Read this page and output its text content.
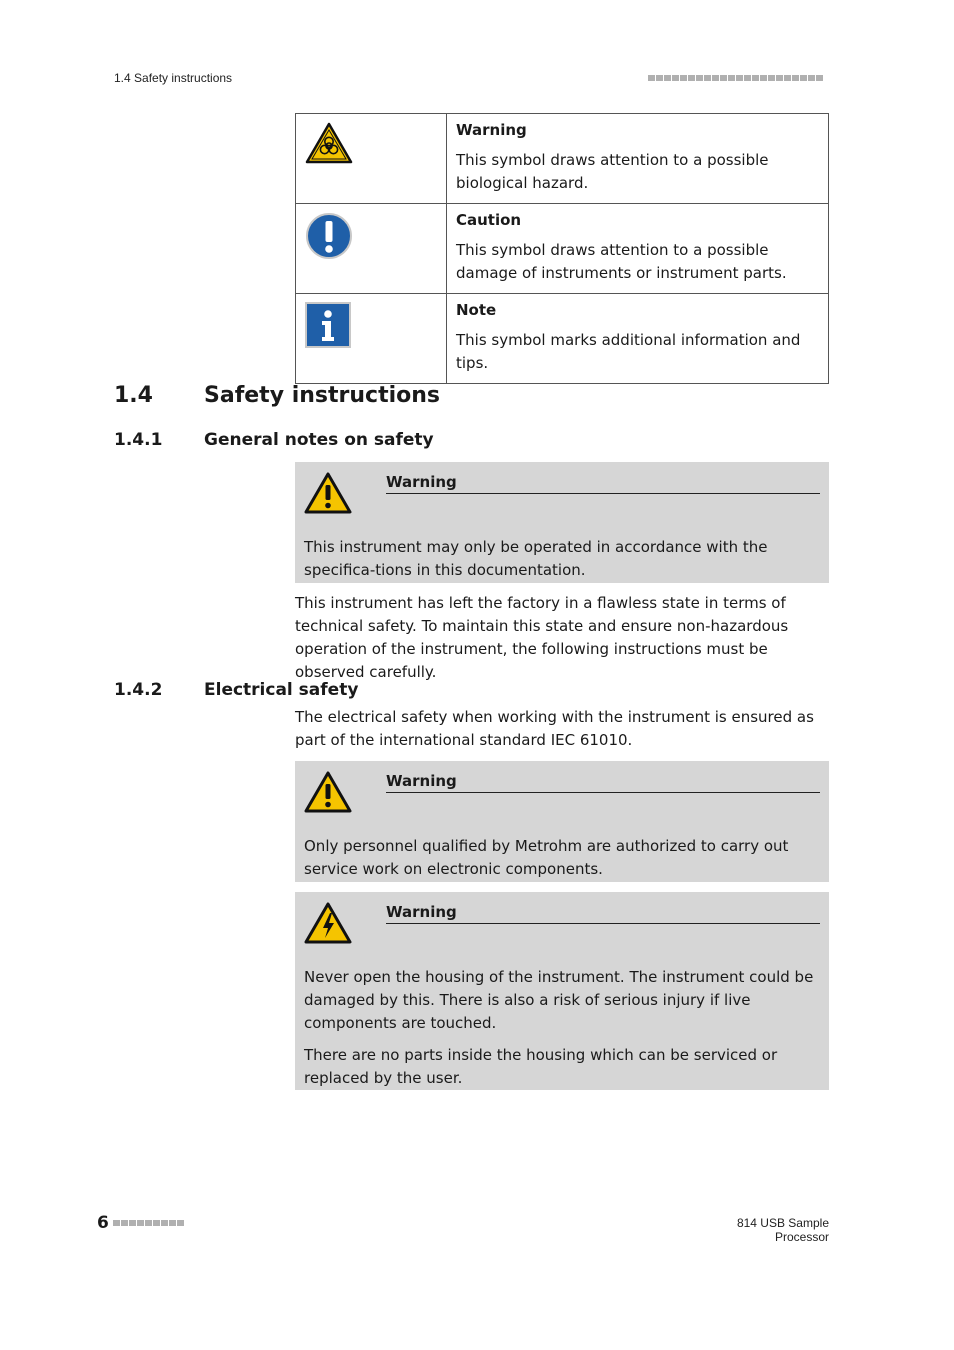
1.4 Safety instructions

Warning
This symbol draws attention to a possible biological hazard.

Caution
This symbol draws attention to a possible damage of instruments or instrument parts.

Note
This symbol marks additional information and tips.
1.4 Safety instructions
1.4.1 General notes on safety
Warning
This instrument may only be operated in accordance with the specifica-tions in this documentation.
This instrument has left the factory in a flawless state in terms of technical safety. To maintain this state and ensure non-hazardous operation of the instrument, the following instructions must be observed carefully.
1.4.2 Electrical safety
The electrical safety when working with the instrument is ensured as part of the international standard IEC 61010.
Warning
Only personnel qualified by Metrohm are authorized to carry out service work on electronic components.
Warning
Never open the housing of the instrument. The instrument could be damaged by this. There is also a risk of serious injury if live components are touched.
There are no parts inside the housing which can be serviced or replaced by the user.
6	814 USB Sample Processor
